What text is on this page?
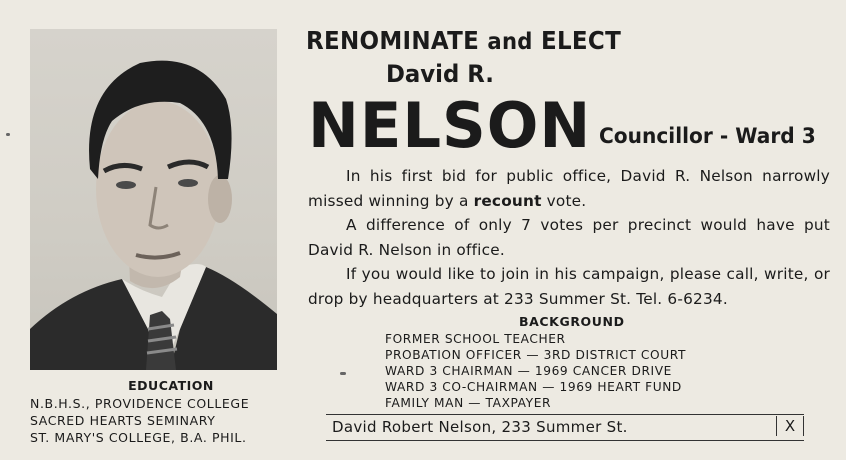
EDUCATION
N.B.H.S., PROVIDENCE COLLEGE
SACRED HEARTS SEMINARY
ST. MARY'S COLLEGE, B.A. PHIL.
RENOMINATE and ELECT
David R.
NELSON Councillor - Ward 3

In his first bid for public office, David R. Nelson narrowly missed winning by a recount vote.

A difference of only 7 votes per precinct would have put David R. Nelson in office.

If you would like to join in his campaign, please call, write, or drop by headquarters at 233 Summer St. Tel. 6-6234.

BACKGROUND
FORMER SCHOOL TEACHER
PROBATION OFFICER — 3RD DISTRICT COURT
WARD 3 CHAIRMAN — 1969 CANCER DRIVE
WARD 3 CO-CHAIRMAN — 1969 HEART FUND
FAMILY MAN — TAXPAYER
David Robert Nelson, 233 Summer St.	X
